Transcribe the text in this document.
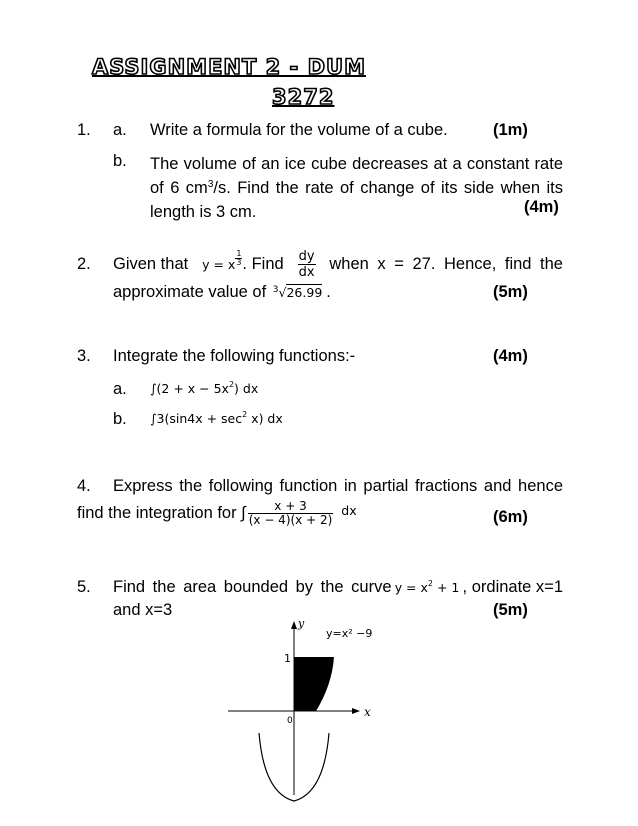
ASSIGNMENT 2 - DUM
3272
1. a. Write a formula for the volume of a cube.	(1m)
b. The volume of an ice cube decreases at a constant rate of 6 $cm^3/s$. Find the rate of change of its side when its length is 3 cm.	(4m)
2. Given that y = x $\frac{1}{3}$ . Find $\frac{dy}{dx}$ when x = 27. Hence, find the
approximate value of $^3$√26.99 .	(5m)
3. Integrate the following functions:-	(4m)
a. $\int(2 + x - 5x^2)$ dx
b. $\int 3(\sin 4x + \sec^2 x)$ dx
4. Express the following function in partial fractions and hence
find the integration for ∫ $\frac{x + 3}{(x - 4)(x + 2)}$ dx	(6m)
5. Find the area bounded by the curve $y = x^2 + 1$ , ordinate x=1
and x=3	(5m)
y
x
y=x² −9
1
0
